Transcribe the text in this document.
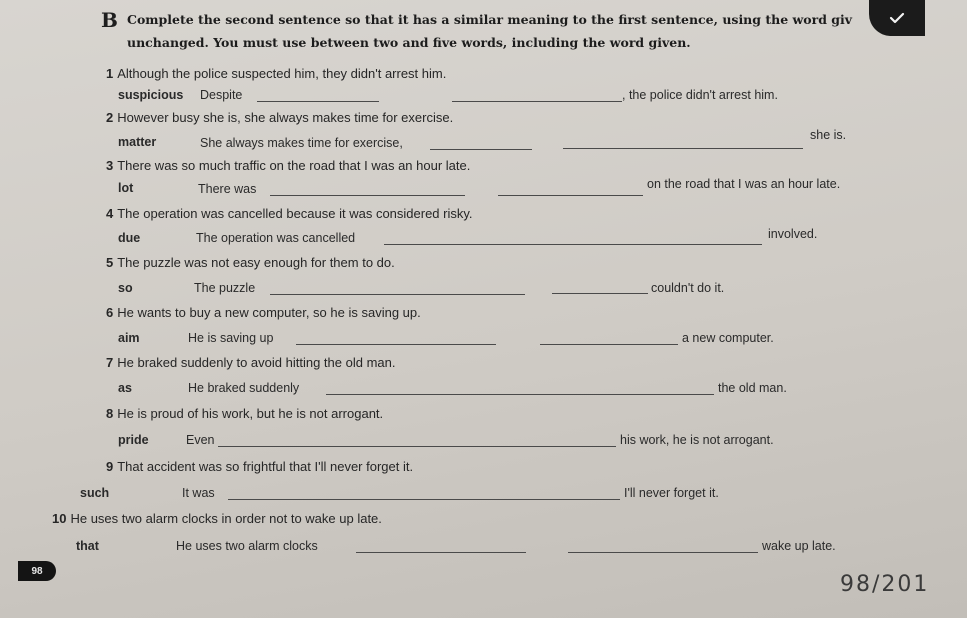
B Complete the second sentence so that it has a similar meaning to the first sentence, using the word giv
unchanged. You must use between two and five words, including the word given.
1 Although the police suspected him, they didn't arrest him.
suspicious Despite	, the police didn't arrest him.
2 However busy she is, she always makes time for exercise.
matter	She always makes time for exercise,
she is.
3 There was so much traffic on the road that I was an hour late.
lot	There was	on the road that I was an hour late.
4 The operation was cancelled because it was considered risky.
due	The operation was cancelled	involved.
5 The puzzle was not easy enough for them to do.
so	The puzzle	couldn't do it.
6 He wants to buy a new computer, so he is saving up.
aim	He is saving up	a new computer.
7 He braked suddenly to avoid hitting the old man.
as	He braked suddenly	the old man.
8 He is proud of his work, but he is not arrogant.
pride	Even	his work, he is not arrogant.
9 That accident was so frightful that I'll never forget it.
such	It was	I'll never forget it.
10 He uses two alarm clocks in order not to wake up late.
that	He uses two alarm clocks	wake up late.
98
98/201
